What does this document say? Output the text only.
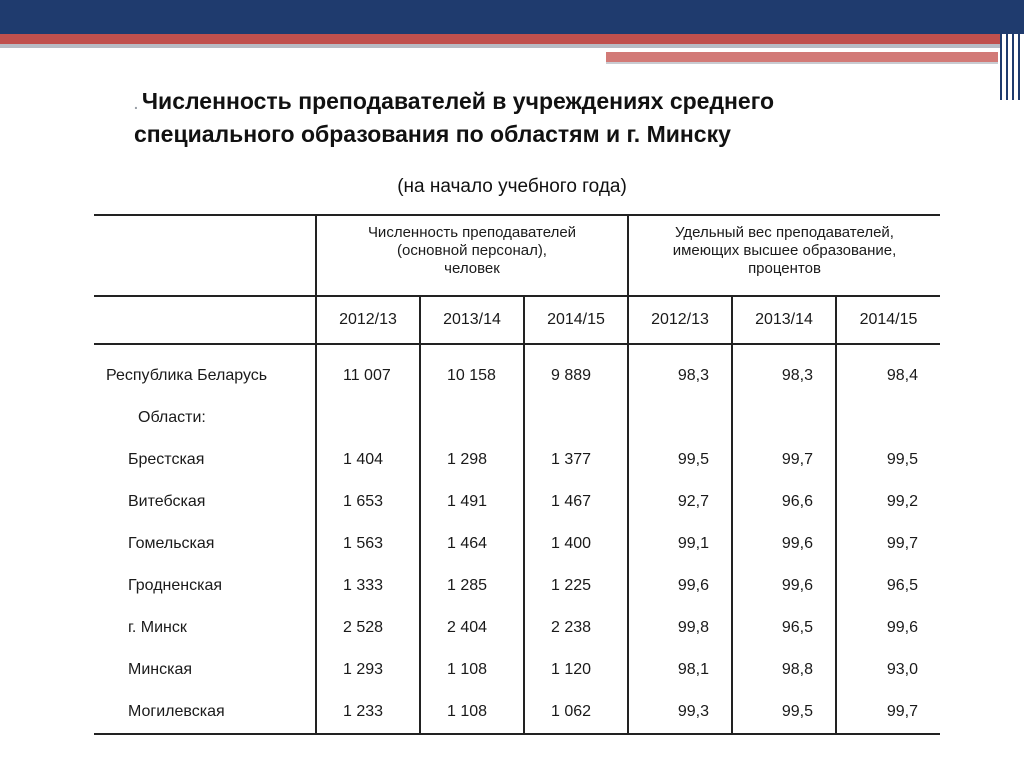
. Численность преподавателей в учреждениях среднего
специального образования по областям и г. Минску
(на начало учебного года)
	Численность преподавателей
(основной персонал),
человек			Удельный вес преподавателей,
имеющих высшее образование,
процентов		
	2012/13	2013/14	2014/15	2012/13	2013/14	2014/15
Республика Беларусь	11 007	10 158	9 889	98,3	98,3	98,4
Области:						
Брестская	1 404	1 298	1 377	99,5	99,7	99,5
Витебская	1 653	1 491	1 467	92,7	96,6	99,2
Гомельская	1 563	1 464	1 400	99,1	99,6	99,7
Гродненская	1 333	1 285	1 225	99,6	99,6	96,5
г. Минск	2 528	2 404	2 238	99,8	96,5	99,6
Минская	1 293	1 108	1 120	98,1	98,8	93,0
Могилевская	1 233	1 108	1 062	99,3	99,5	99,7
